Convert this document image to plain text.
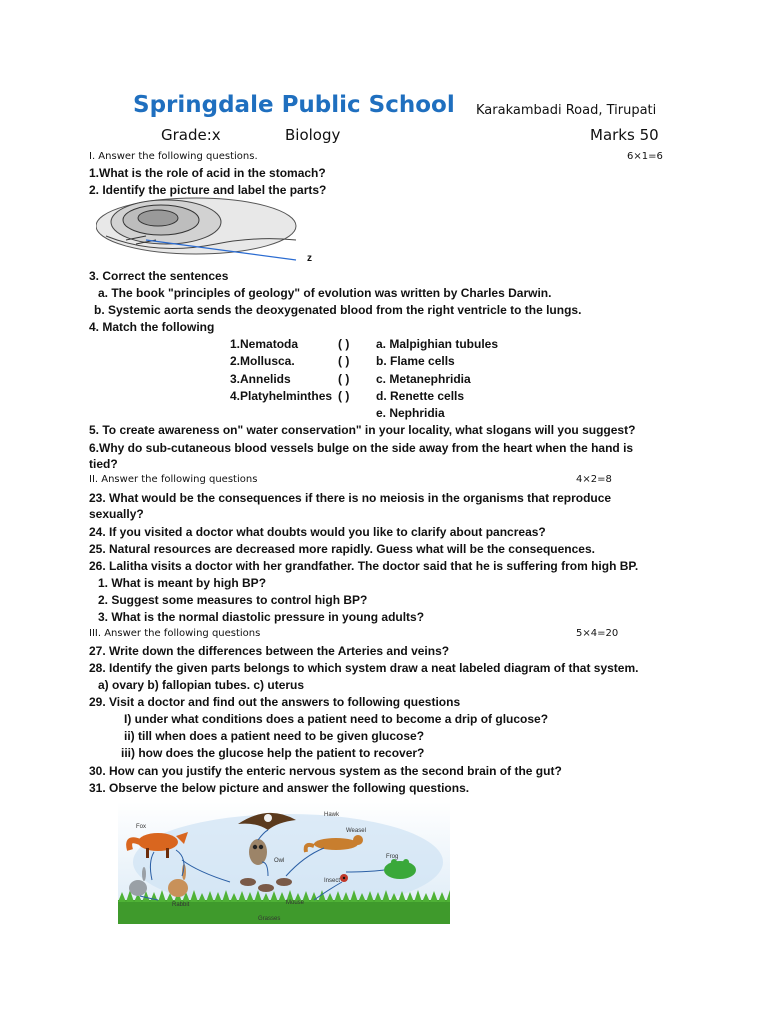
Springdale Public School Karakambadi Road, Tirupati
Grade:x	Biology	Marks 50
I. Answer the following questions.	6×1=6
1.What is the role of acid in the stomach?
2. Identify the picture and label the parts?
z
3. Correct the sentences
a. The book "principles of geology" of evolution was written by Charles Darwin.
b. Systemic aorta sends the deoxygenated blood from the right ventricle to the lungs.
4. Match the following
1.Nematoda	( ) a. Malpighian tubules
2.Mollusca.	( ) b. Flame cells
3.Annelids	( ) c. Metanephridia
4.Platyhelminthes ( ) d. Renette cells
e. Nephridia
5. To create awareness on" water conservation" in your locality, what slogans will you suggest?
6.Why do sub-cutaneous blood vessels bulge on the side away from the heart when the hand is
tied?
II. Answer the following questions	4×2=8
23. What would be the consequences if there is no meiosis in the organisms that reproduce
sexually?
24. If you visited a doctor what doubts would you like to clarify about pancreas?
25. Natural resources are decreased more rapidly. Guess what will be the consequences.
26. Lalitha visits a doctor with her grandfather. The doctor said that he is suffering from high BP.
1. What is meant by high BP?
2. Suggest some measures to control high BP?
3. What is the normal diastolic pressure in young adults?
III. Answer the following questions	5×4=20
27. Write down the differences between the Arteries and veins?
28. Identify the given parts belongs to which system draw a neat labeled diagram of that system.
a) ovary b) fallopian tubes. c) uterus
29. Visit a doctor and find out the answers to following questions
I) under what conditions does a patient need to become a drip of glucose?
ii) till when does a patient need to be given glucose?
iii) how does the glucose help the patient to recover?
30. How can you justify the enteric nervous system as the second brain of the gut?
31. Observe the below picture and answer the following questions.
Fox
Hawk
Weasel
Owl
Frog
Insect
Rabbit	Mouse
Grasses
